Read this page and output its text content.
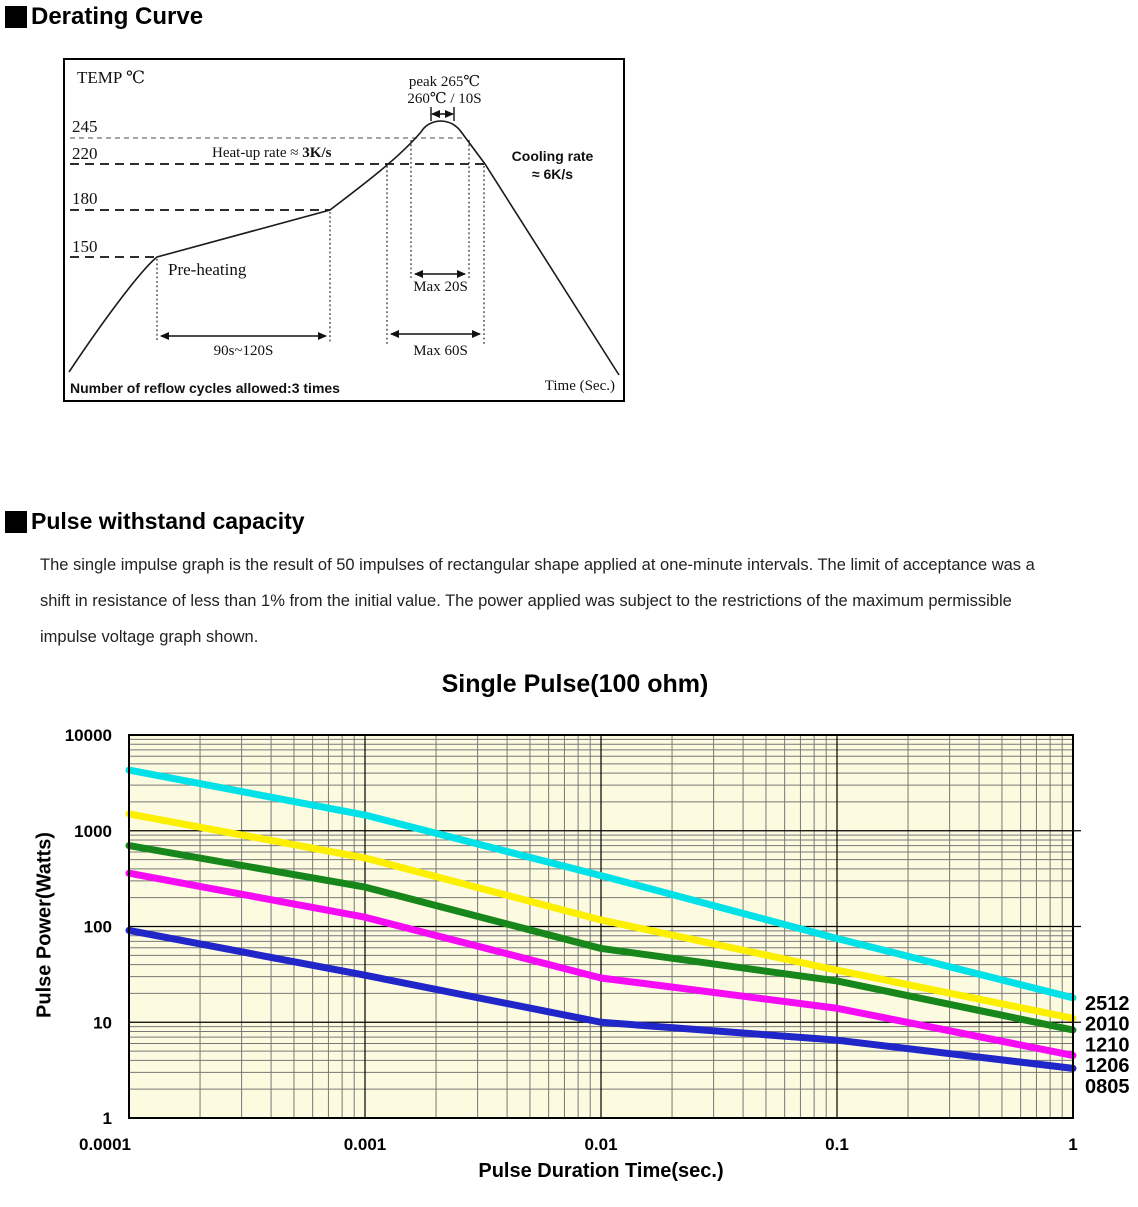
Derating Curve
TEMP ℃
245
220
180
150
peak 265℃
260℃ / 10S
Heat-up rate ≈ 3K/s	Cooling rate
≈ 6K/s
Pre-heating
90s~120S
Max 20S
Max 60S
Time (Sec.)
Number of reflow cycles allowed:3 times
Pulse withstand capacity
The single impulse graph is the result of 50 impulses of rectangular shape applied at one-minute intervals. The limit of acceptance was a
shift in resistance of less than 1% from the initial value. The power applied was subject to the restrictions of the maximum permissible
impulse voltage graph shown.
Single Pulse(100 ohm)
Pulse Power(Watts)
0.0001	0.001	0.01	0.1	1
10000
1000
100
10
1
2512
2010
1210
1206
0805
Pulse Duration Time(sec.)
